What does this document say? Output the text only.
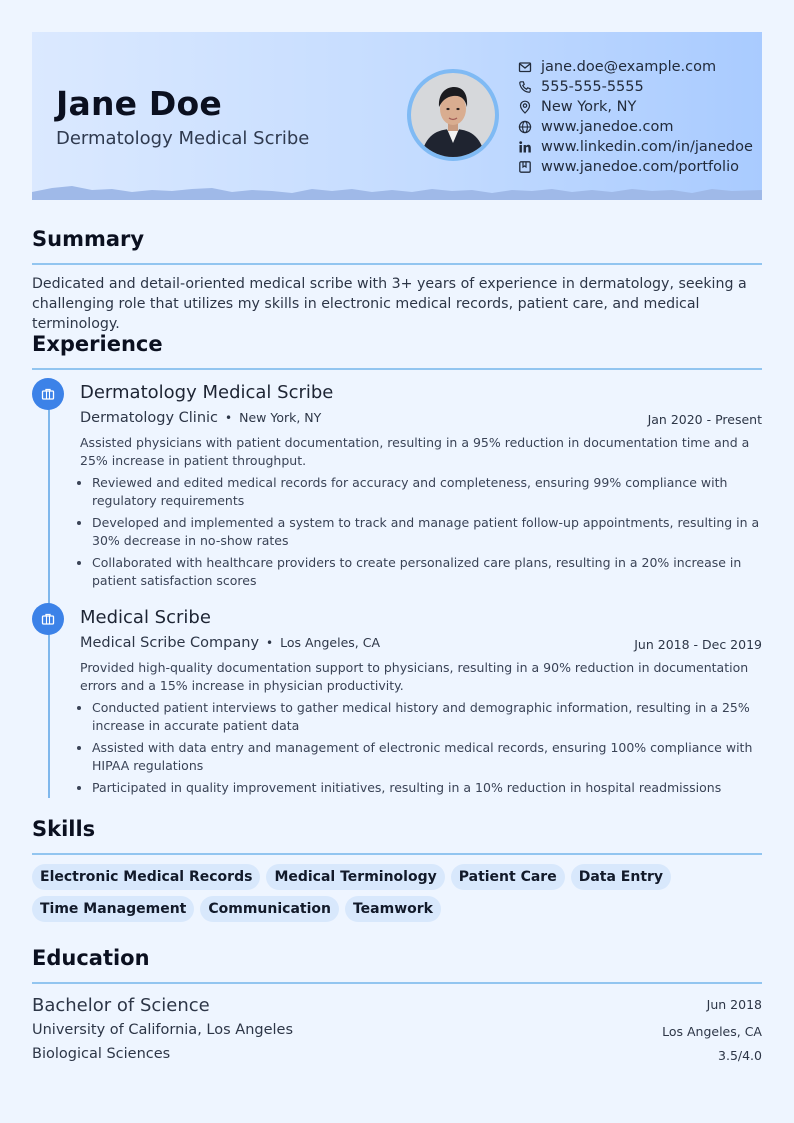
Jane Doe
Dermatology Medical Scribe
jane.doe@example.com
555-555-5555
New York, NY
www.janedoe.com
www.linkedin.com/in/janedoe
www.janedoe.com/portfolio
Summary
Dedicated and detail-oriented medical scribe with 3+ years of experience in dermatology, seeking a challenging role that utilizes my skills in electronic medical records, patient care, and medical terminology.
Experience
Dermatology Medical Scribe
Dermatology Clinic • New York, NY	Jan 2020 - Present
Assisted physicians with patient documentation, resulting in a 95% reduction in documentation time and a 25% increase in patient throughput.
• Reviewed and edited medical records for accuracy and completeness, ensuring 99% compliance with regulatory requirements
• Developed and implemented a system to track and manage patient follow-up appointments, resulting in a 30% decrease in no-show rates
• Collaborated with healthcare providers to create personalized care plans, resulting in a 20% increase in patient satisfaction scores
Medical Scribe
Medical Scribe Company • Los Angeles, CA	Jun 2018 - Dec 2019
Provided high-quality documentation support to physicians, resulting in a 90% reduction in documentation errors and a 15% increase in physician productivity.
• Conducted patient interviews to gather medical history and demographic information, resulting in a 25% increase in accurate patient data
• Assisted with data entry and management of electronic medical records, ensuring 100% compliance with HIPAA regulations
• Participated in quality improvement initiatives, resulting in a 10% reduction in hospital readmissions
Skills
Electronic Medical Records Medical Terminology Patient Care Data EntryTime Management Communication Teamwork
Education
Bachelor of Science	Jun 2018
University of California, Los Angeles	Los Angeles, CA
Biological Sciences	3.5/4.0
